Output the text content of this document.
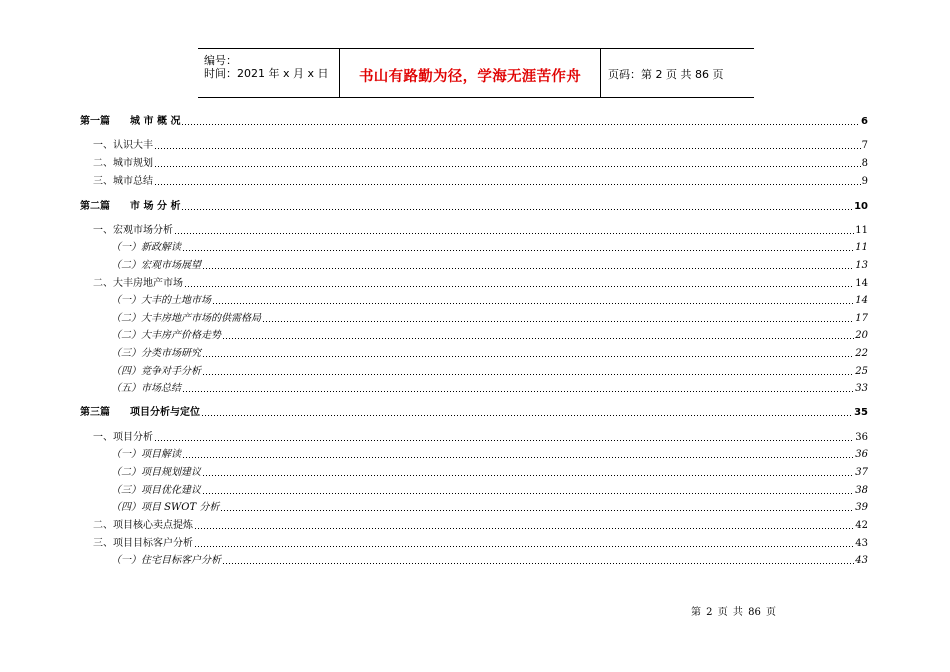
编号：
时间：2021 年 x 月 x 日	书山有路勤为径，学海无涯苦作舟	页码：第 2 页 共 86 页
第一篇　　城 市 概 况	6
一、认识大丰	7
二、城市规划	8
三、城市总结	9
第二篇　　市 场 分 析	10
一、宏观市场分析	11
（一）新政解读	11
（二）宏观市场展望	13
二、大丰房地产市场	14
（一）大丰的土地市场	14
（二）大丰房地产市场的供需格局	17
（二）大丰房产价格走势	20
（三）分类市场研究	22
（四）竞争对手分析	25
（五）市场总结	33
第三篇　　项目分析与定位	35
一、项目分析	36
（一）项目解读	36
（二）项目规划建议	37
（三）项目优化建议	38
（四）项目 SWOT 分析	39
二、项目核心卖点提炼	42
三、项目目标客户分析	43
（一）住宅目标客户分析	43
第 2 页 共 86 页
